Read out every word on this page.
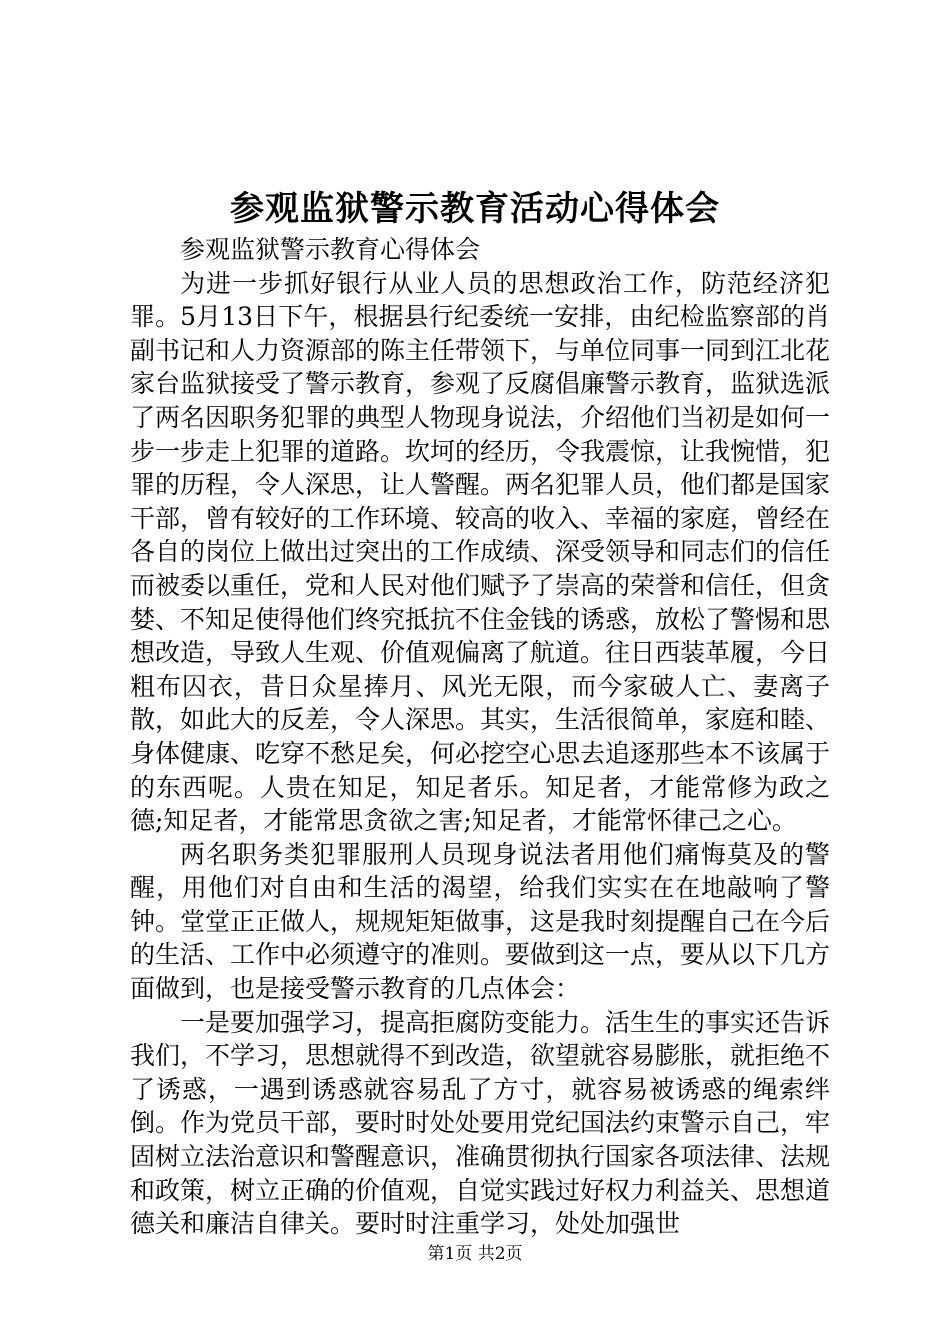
参观监狱警示教育活动心得体会

参观监狱警示教育心得体会

为进一步抓好银行从业人员的思想政治工作，防范经济犯罪。5月13日下午，根据县行纪委统一安排，由纪检监察部的肖副书记和人力资源部的陈主任带领下，与单位同事一同到江北花家台监狱接受了警示教育，参观了反腐倡廉警示教育，监狱选派了两名因职务犯罪的典型人物现身说法，介绍他们当初是如何一步一步走上犯罪的道路。坎坷的经历，令我震惊，让我惋惜，犯罪的历程，令人深思，让人警醒。两名犯罪人员，他们都是国家干部，曾有较好的工作环境、较高的收入、幸福的家庭，曾经在各自的岗位上做出过突出的工作成绩、深受领导和同志们的信任而被委以重任，党和人民对他们赋予了崇高的荣誉和信任，但贪婪、不知足使得他们终究抵抗不住金钱的诱惑，放松了警惕和思想改造，导致人生观、价值观偏离了航道。往日西装革履，今日粗布囚衣，昔日众星捧月、风光无限，而今家破人亡、妻离子散，如此大的反差，令人深思。其实，生活很简单，家庭和睦、身体健康、吃穿不愁足矣，何必挖空心思去追逐那些本不该属于的东西呢。人贵在知足，知足者乐。知足者，才能常修为政之德;知足者，才能常思贪欲之害;知足者，才能常怀律己之心。

两名职务类犯罪服刑人员现身说法者用他们痛悔莫及的警醒，用他们对自由和生活的渴望，给我们实实在在地敲响了警钟。堂堂正正做人，规规矩矩做事，这是我时刻提醒自己在今后的生活、工作中必须遵守的准则。要做到这一点，要从以下几方面做到，也是接受警示教育的几点体会：

一是要加强学习，提高拒腐防变能力。活生生的事实还告诉我们，不学习，思想就得不到改造，欲望就容易膨胀，就拒绝不了诱惑，一遇到诱惑就容易乱了方寸，就容易被诱惑的绳索绊倒。作为党员干部，要时时处处要用党纪国法约束警示自己，牢固树立法治意识和警醒意识，准确贯彻执行国家各项法律、法规和政策，树立正确的价值观，自觉实践过好权力利益关、思想道德关和廉洁自律关。要时时注重学习，处处加强世

第1页 共2页
